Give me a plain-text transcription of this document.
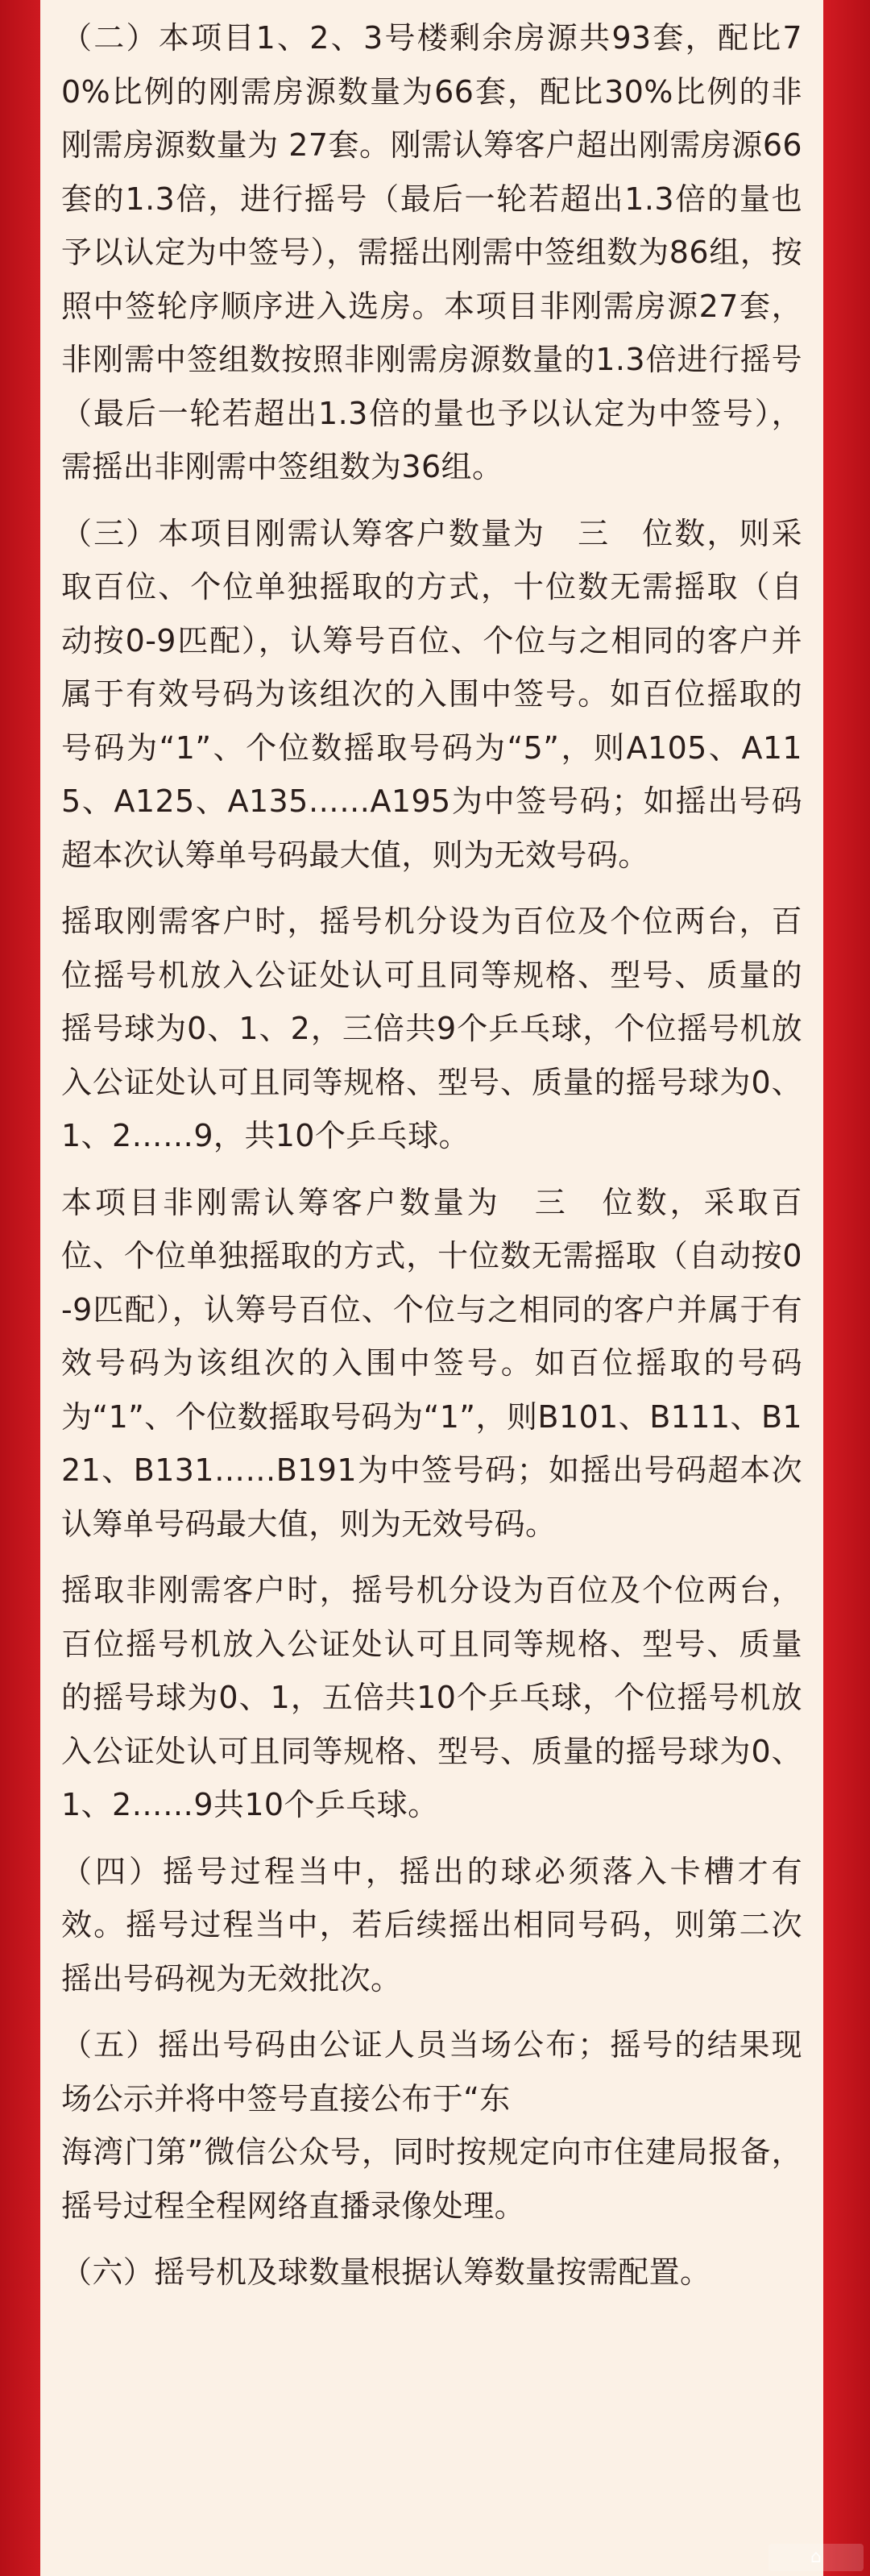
（二）本项目1、2、3号楼剩余房源共93套，配比70%比例的刚需房源数量为66套，配比30%比例的非刚需房源数量为 27套。刚需认筹客户超出刚需房源66套的1.3倍，进行摇号（最后一轮若超出1.3倍的量也予以认定为中签号），需摇出刚需中签组数为86组，按照中签轮序顺序进入选房。本项目非刚需房源27套，非刚需中签组数按照非刚需房源数量的1.3倍进行摇号（最后一轮若超出1.3倍的量也予以认定为中签号），需摇出非刚需中签组数为36组。

（三）本项目刚需认筹客户数量为　三　位数，则采取百位、个位单独摇取的方式，十位数无需摇取（自动按0-9匹配），认筹号百位、个位与之相同的客户并属于有效号码为该组次的入围中签号。如百位摇取的号码为“1”、个位数摇取号码为“5”，则A105、A115、A125、A135……A195为中签号码；如摇出号码超本次认筹单号码最大值，则为无效号码。

摇取刚需客户时，摇号机分设为百位及个位两台，百位摇号机放入公证处认可且同等规格、型号、质量的摇号球为0、1、2，三倍共9个乒乓球，个位摇号机放入公证处认可且同等规格、型号、质量的摇号球为0、1、2……9，共10个乒乓球。

本项目非刚需认筹客户数量为　三　位数，采取百位、个位单独摇取的方式，十位数无需摇取（自动按0-9匹配），认筹号百位、个位与之相同的客户并属于有效号码为该组次的入围中签号。如百位摇取的号码为“1”、个位数摇取号码为“1”，则B101、B111、B121、B131……B191为中签号码；如摇出号码超本次认筹单号码最大值，则为无效号码。

摇取非刚需客户时，摇号机分设为百位及个位两台，百位摇号机放入公证处认可且同等规格、型号、质量的摇号球为0、1，五倍共10个乒乓球，个位摇号机放入公证处认可且同等规格、型号、质量的摇号球为0、1、2……9共10个乒乓球。

（四）摇号过程当中，摇出的球必须落入卡槽才有效。摇号过程当中，若后续摇出相同号码，则第二次摇出号码视为无效批次。

（五）摇出号码由公证人员当场公布；摇号的结果现场公示并将中签号直接公布于“东

海湾门第”微信公众号，同时按规定向市住建局报备，摇号过程全程网络直播录像处理。

（六）摇号机及球数量根据认筹数量按需配置。

⌂
